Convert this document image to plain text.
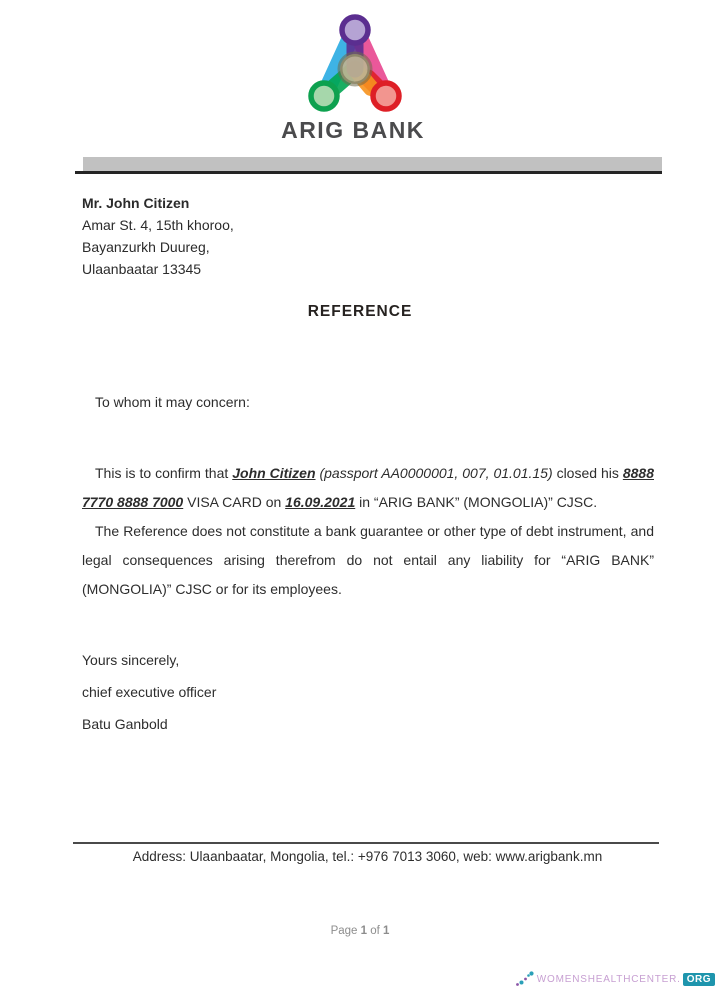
ARIG BANK
Mr. John Citizen
Amar St. 4, 15th khoroo,
Bayanzurkh Duureg,
Ulaanbaatar 13345
REFERENCE
To whom it may concern:

This is to confirm that John Citizen (passport AA0000001, 007, 01.01.15) closed his 8888 7770 8888 7000 VISA CARD on 16.09.2021 in “ARIG BANK” (MONGOLIA)” CJSC.

The Reference does not constitute a bank guarantee or other type of debt instrument, and legal consequences arising therefrom do not entail any liability for “ARIG BANK” (MONGOLIA)” CJSC or for its employees.

Yours sincerely,
chief executive officer
Batu Ganbold
Address: Ulaanbaatar, Mongolia, tel.: +976 7013 3060, web: www.arigbank.mn
Page 1 of 1
WOMENSHEALTHCENTER. ORG
